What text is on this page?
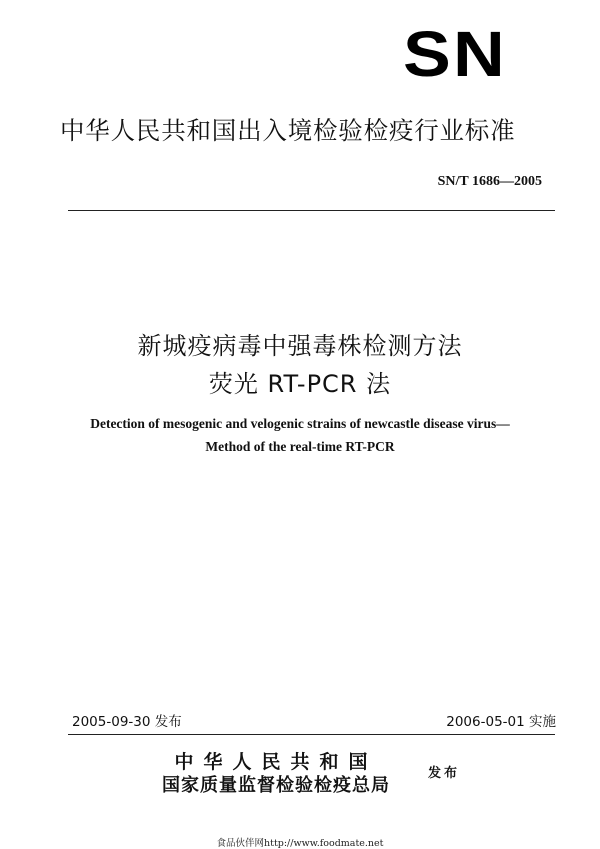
SN
中华人民共和国出入境检验检疫行业标准
SN/T 1686—2005
新城疫病毒中强毒株检测方法
荧光 RT-PCR 法
Detection of mesogenic and velogenic strains of newcastle disease virus—
Method of the real-time RT-PCR
2005-09-30 发布	2006-05-01 实施
中华人民共和国
国家质量监督检验检疫总局
发布
食品伙伴网http://www.foodmate.net
